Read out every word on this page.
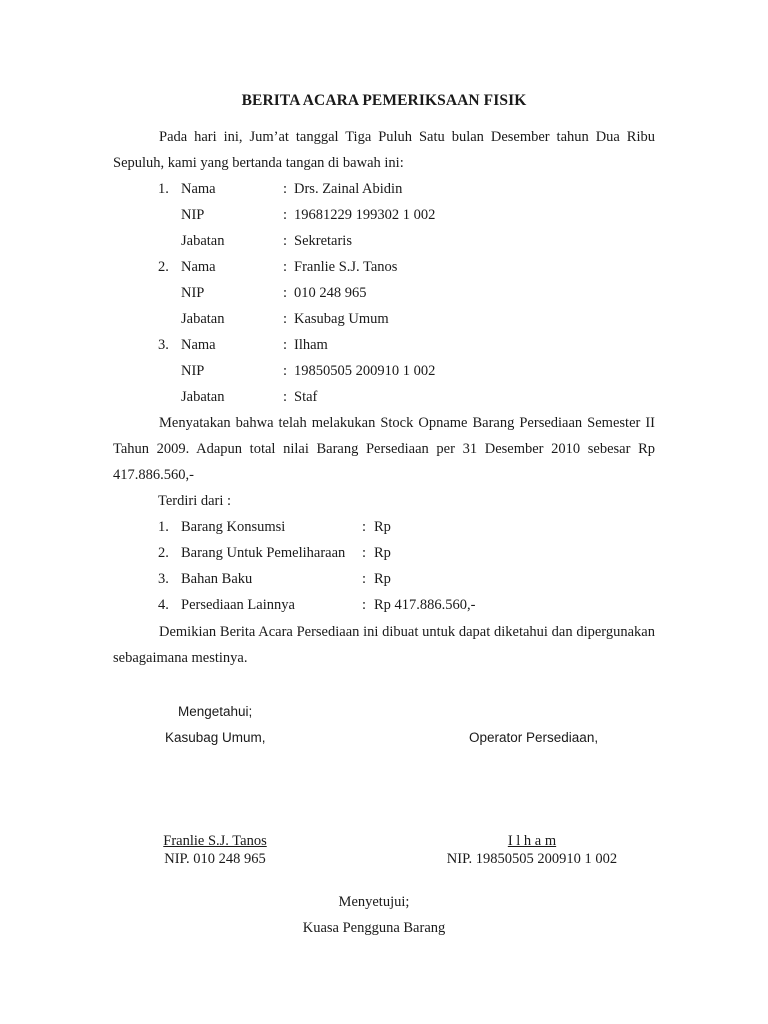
BERITA ACARA PEMERIKSAAN FISIK
Pada hari ini, Jum’at tanggal Tiga Puluh Satu bulan Desember tahun Dua Ribu Sepuluh, kami yang bertanda tangan di bawah ini:
1. Nama	: Drs. Zainal Abidin
NIP	: 19681229 199302 1 002
Jabatan	: Sekretaris
2. Nama	: Franlie S.J. Tanos
NIP	: 010 248 965
Jabatan	: Kasubag Umum
3. Nama	: Ilham
NIP	: 19850505 200910 1 002
Jabatan	: Staf
Menyatakan bahwa telah melakukan Stock Opname Barang Persediaan Semester II Tahun 2009. Adapun total nilai Barang Persediaan per 31 Desember 2010 sebesar Rp 417.886.560,-
Terdiri dari :
1. Barang Konsumsi	: Rp
2. Barang Untuk Pemeliharaan : Rp
3. Bahan Baku	: Rp
4. Persediaan Lainnya	: Rp 417.886.560,-
Demikian Berita Acara Persediaan ini dibuat untuk dapat diketahui dan dipergunakan sebagaimana mestinya.
Mengetahui;
Kasubag Umum,	Operator Persediaan,
Franlie S.J. Tanos
NIP. 010 248 965
I l h a m
NIP. 19850505 200910 1 002
Menyetujui;
Kuasa Pengguna Barang
